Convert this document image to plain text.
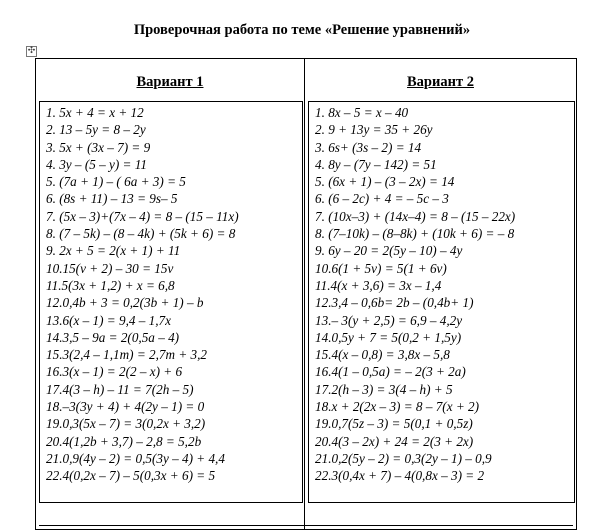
Проверочная работа по теме «Решение уравнений»
✣
Вариант 1	Вариант 2
1. 5x + 4 = x + 12
2. 13 – 5y = 8 – 2y
3. 5x + (3x – 7) = 9
4. 3y – (5 – y) = 11
5. (7a + 1) – ( 6a + 3) = 5
6. (8s + 11) – 13 = 9s– 5
7. (5x – 3)+(7x – 4) = 8 – (15 – 11x)
8. (7 – 5k) – (8 – 4k) + (5k + 6) = 8
9. 2x + 5 = 2(x + 1) + 11
10.15(v + 2) – 30 = 15v
11.5(3x + 1,2) + x = 6,8
12.0,4b + 3 = 0,2(3b + 1) – b
13.6(x – 1) = 9,4 – 1,7x
14.3,5 – 9a = 2(0,5a – 4)
15.3(2,4 – 1,1m) = 2,7m + 3,2
16.3(x – 1) = 2(2 – x) + 6
17.4(3 – h) – 11 = 7(2h – 5)
18.–3(3y + 4) + 4(2y – 1) = 0
19.0,3(5x – 7) = 3(0,2x + 3,2)
20.4(1,2b + 3,7) – 2,8 = 5,2b
21.0,9(4y – 2) = 0,5(3y – 4) + 4,4
22.4(0,2x – 7) – 5(0,3x + 6) = 5
1. 8x – 5 = x – 40
2. 9 + 13y = 35 + 26y
3. 6s+ (3s – 2) = 14
4. 8y – (7y – 142) = 51
5. (6x + 1) – (3 – 2x) = 14
6. (6 – 2c) + 4 = – 5c – 3
7. (10x–3) + (14x–4) = 8 – (15 – 22x)
8. (7–10k) – (8–8k) + (10k + 6) = – 8
9. 6y – 20 = 2(5y – 10) – 4y
10.6(1 + 5v) = 5(1 + 6v)
11.4(x + 3,6) = 3x – 1,4
12.3,4 – 0,6b= 2b – (0,4b+ 1)
13.– 3(y + 2,5) = 6,9 – 4,2y
14.0,5y + 7 = 5(0,2 + 1,5y)
15.4(x – 0,8) = 3,8x – 5,8
16.4(1 – 0,5a) = – 2(3 + 2a)
17.2(h – 3) = 3(4 – h) + 5
18.x + 2(2x – 3) = 8 – 7(x + 2)
19.0,7(5z – 3) = 5(0,1 + 0,5z)
20.4(3 – 2x) + 24 = 2(3 + 2x)
21.0,2(5y – 2) = 0,3(2y – 1) – 0,9
22.3(0,4x + 7) – 4(0,8x – 3) = 2
